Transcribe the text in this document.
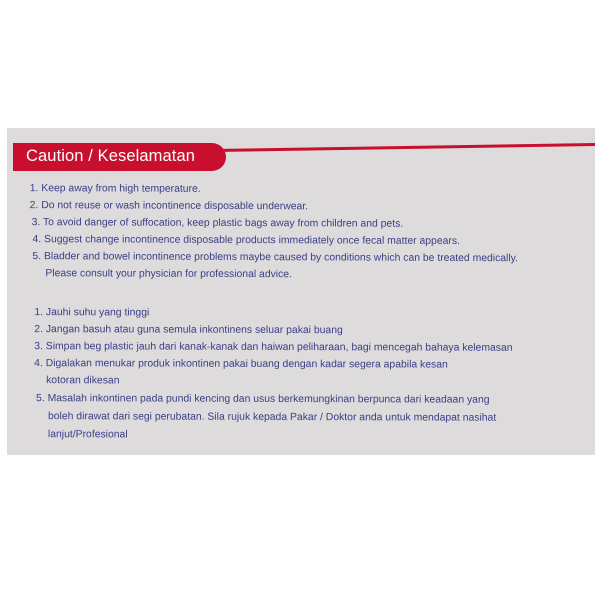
Caution / Keselamatan
1. Keep away from high temperature.
2. Do not reuse or wash incontinence disposable underwear.
3. To avoid danger of suffocation, keep plastic bags away from children and pets.
4. Suggest change incontinence disposable products immediately once fecal matter appears.
5. Bladder and bowel incontinence problems maybe caused by conditions which can be treated medically.
Please consult your physician for professional advice.
1. Jauhi suhu yang tinggi
2. Jangan basuh atau guna semula inkontinens seluar pakai buang
3. Simpan beg plastic jauh dari kanak-kanak dan haiwan peliharaan, bagi mencegah bahaya kelemasan
4. Digalakan menukar produk inkontinen pakai buang dengan kadar segera apabila kesan
kotoran dikesan
5. Masalah inkontinen pada pundi kencing dan usus berkemungkinan berpunca dari keadaan yang
boleh dirawat dari segi perubatan. Sila rujuk kepada Pakar / Doktor anda untuk mendapat nasihat
lanjut/Profesional
